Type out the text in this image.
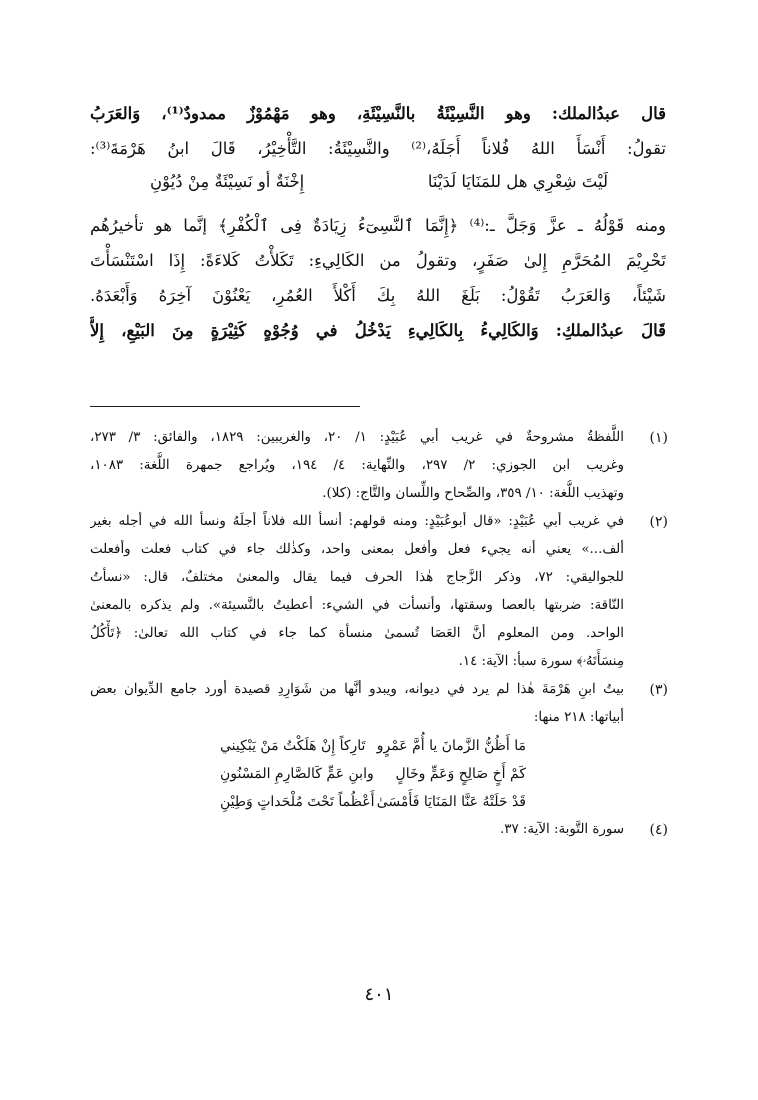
قال عبدُالملك: وهو النَّسِيْئَةُ بالنَّسِيْئَةِ، وهو مَهْمُوْزٌ ممدودٌ⁽¹⁾، وَالعَرَبُ
تقولُ: أَنْسَأَ اللهُ فُلاناً أَجَلَهُ،⁽²⁾ والنَّسِيْئَةُ: التَّأْخِيْرُ، قَالَ ابنُ هَرْمَةَ⁽³⁾:
لَيْتَ شِعْرِي هل للمَنَايَا لَدَيْنَا
إِخْنَةٌ أو نَسِيْئَةٌ مِنْ دُيُوْنِ
ومنه قَوْلُهُ ـ عزَّ وَجَلَّ ـ:⁽⁴⁾ ﴿إِنَّمَا ٱلنَّسِىٓءُ زِيَادَةٌ فِى ٱلْكُفْرِ﴾ إنَّما هو تأخيرُهُم
تَحْرِيْمَ المُحَرَّمِ إِلىٰ صَفَرٍ، وتقولُ من الكَالِيءِ: تَكَلأْتُ كَلاءَةً: إِذَا اسْتَنْسَأْتَ
شَيْئاً، وَالعَرَبُ تَقُوْلُ: بَلَغَ اللهُ بِكَ أَكْلأَ العُمُرِ، يَعْنُوْنَ آخِرَهُ وَأَبْعَدَهُ.
قَالَ عبدُالملكِ: وَالكَالِيءُ بِالكَالِيءِ يَدْخُلُ في وُجُوْهٍ كَثِيْرَةٍ مِنَ البَيْعِ، إِلاَّ
(١)
اللَّفظةُ مشروحةٌ في غريب أبي عُبَيْدٍ: ١/ ٢٠، والغريبين: ١٨٢٩، والفائق: ٣/ ٢٧٣،
وغريب ابن الجوزي: ٢/ ٢٩٧، والنِّهاية: ٤/ ١٩٤، ويُراجع جمهرة اللُّغة: ١٠٨٣،
وتهذيب اللُّغة: ١٠/ ٣٥٩، والصِّحاح واللِّسان والتَّاج: (كلا).
(٢)
في غريب أبي عُبَيْدٍ: «قال أبوعُبَيْدٍ: ومنه قولهم: أنسأ الله فلاناً أجلَهُ ونسأ الله في أجله بغير
ألف...» يعني أنه يجيء فعل وأفعل بمعنى واحد، وكذٰلك جاء في كتاب فعلت وأفعلت
للجواليقي: ٧٢، وذكر الزَّجاج هٰذا الحرف فيما يقال والمعنىٰ مختلفٌ، قال: «نسأتُ
النّاقة: ضربتها بالعصا وسقتها، وأنسأت في الشيء: أعطيتُ بالنَّسيئة». ولم يذكره بالمعنىٰ
الواحد. ومن المعلوم أنَّ العَصَا تُسمىٰ منسأة كما جاء في كتاب الله تعالىٰ: ﴿تَأْكُلُ
مِنسَأَتَهُۥ﴾ سورة سبأ: الآية: ١٤.
(٣)
بيتُ ابنِ هَرْمَةَ هٰذا لم يرد في ديوانه، ويبدو أنَّها من شَوَارِدِ قصيدة أورد جامع الدِّيوان بعض
أبياتها: ٢١٨ منها:
مَا أَظُنُّ الزَّمانَ يا أُمَّ عَمْرٍو
تَارِكاً إِنْ هَلَكْتُ مَنْ يَبْكِيني
كَمْ أَخٍ صَالِحٍ وَعَمٍّ وخَالٍ
وابنِ عَمٍّ كَالصَّارِمِ المَسْنُونِ
قَدْ حَلَتْهُ عَنَّا المَنَايَا فَأَمْسَىٰ
أَعْظُماً تَحْتَ مُلْحَداتٍ وَطِيْنِ
(٤)
سورة التَّوبة: الآية: ٣٧.
٤٠١
